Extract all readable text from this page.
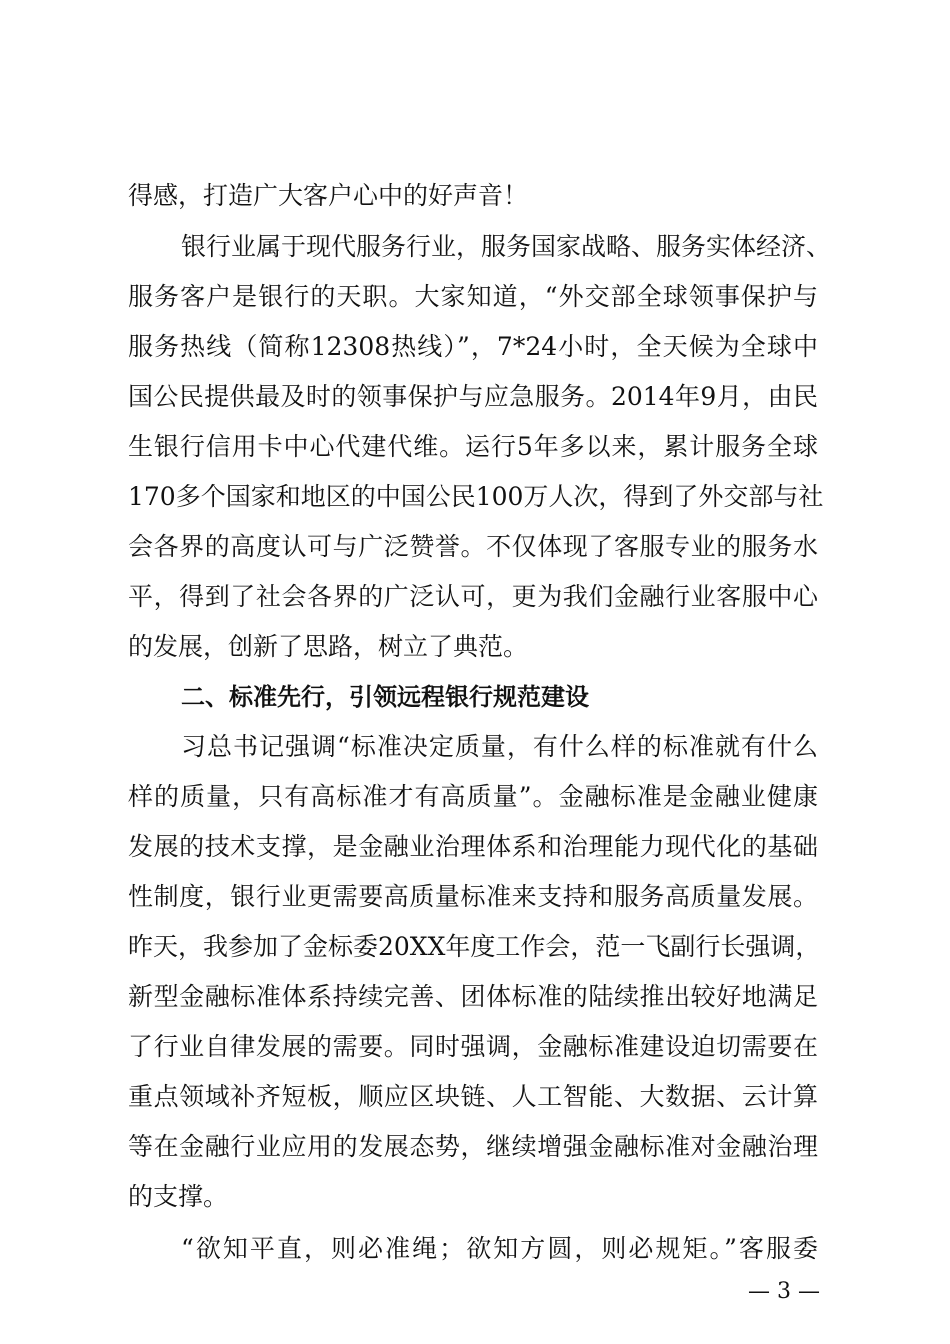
得感，打造广大客户心中的好声音！
银行业属于现代服务行业，服务国家战略、服务实体经济、
服务客户是银行的天职。大家知道，“外交部全球领事保护与
服务热线（简称12308热线）”，7*24小时，全天候为全球中
国公民提供最及时的领事保护与应急服务。2014年9月，由民
生银行信用卡中心代建代维。运行5年多以来，累计服务全球
170多个国家和地区的中国公民100万人次，得到了外交部与社
会各界的高度认可与广泛赞誉。不仅体现了客服专业的服务水
平，得到了社会各界的广泛认可，更为我们金融行业客服中心
的发展，创新了思路，树立了典范。
二、标准先行，引领远程银行规范建设
习总书记强调“标准决定质量，有什么样的标准就有什么
样的质量，只有高标准才有高质量”。金融标准是金融业健康
发展的技术支撑，是金融业治理体系和治理能力现代化的基础
性制度，银行业更需要高质量标准来支持和服务高质量发展。
昨天，我参加了金标委20XX年度工作会，范一飞副行长强调，
新型金融标准体系持续完善、团体标准的陆续推出较好地满足
了行业自律发展的需要。同时强调，金融标准建设迫切需要在
重点领域补齐短板，顺应区块链、人工智能、大数据、云计算
等在金融行业应用的发展态势，继续增强金融标准对金融治理
的支撑。
“欲知平直，则必准绳；欲知方圆，则必规矩。”客服委
— 3 —
